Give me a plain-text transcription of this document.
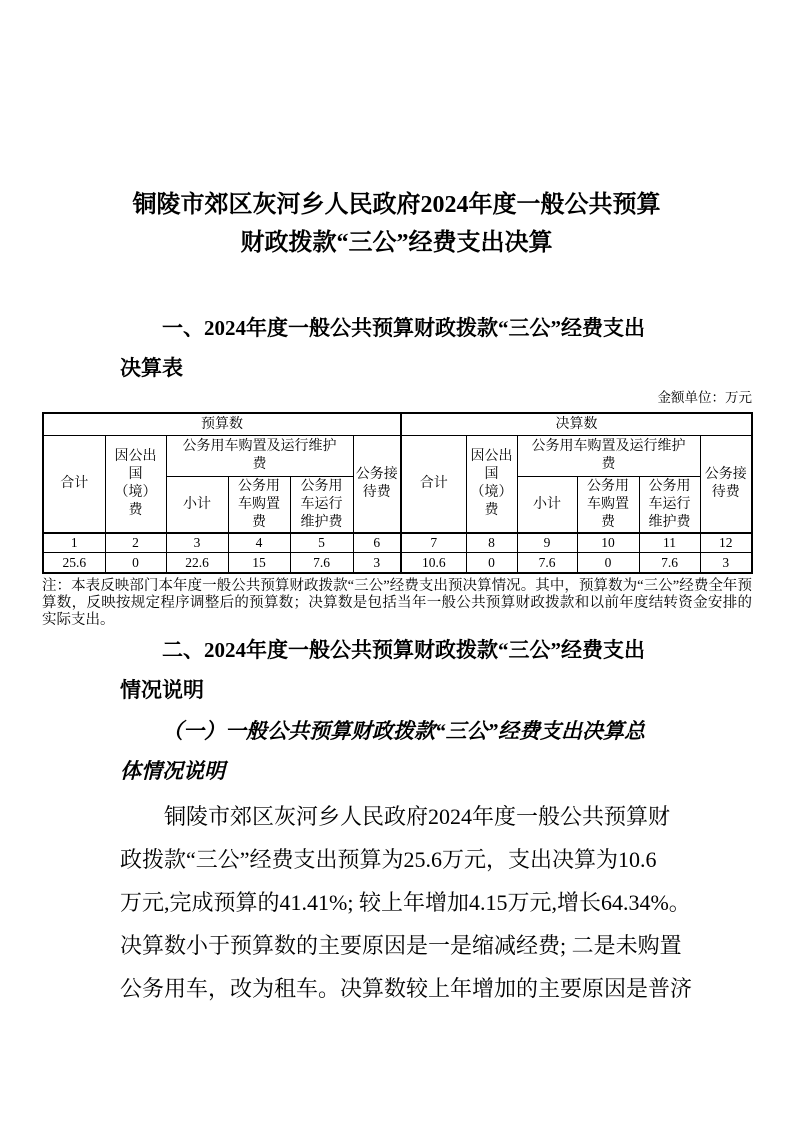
铜陵市郊区灰河乡人民政府2024年度一般公共预算
财政拨款“三公”经费支出决算
一、2024年度一般公共预算财政拨款“三公”经费支出
决算表
金额单位：万元
预算数						决算数					
合计	因公出国（境）费	公务用车购置及运行维护费			公务接待费	合计	因公出国（境）费	公务用车购置及运行维护费			公务接待费

		小计	公务用车购置费	公务用车运行维护费				小计	公务用车购置费	公务用车运行维护费	

1	2	3	4	5	6	7	8	9	10	11	12
25.6	0	22.6	15	7.6	3	10.6	0	7.6	0	7.6	3
注：本表反映部门本年度一般公共预算财政拨款“三公”经费支出预决算情况。其中，预算数为“三公”经费全年预算数，反映按规定程序调整后的预算数；决算数是包括当年一般公共预算财政拨款和以前年度结转资金安排的实际支出。
二、2024年度一般公共预算财政拨款“三公”经费支出
情况说明
（一）一般公共预算财政拨款“三公”经费支出决算总
体情况说明
铜陵市郊区灰河乡人民政府2024年度一般公共预算财
政拨款“三公”经费支出预算为25.6万元，支出决算为10.6
万元,完成预算的41.41%; 较上年增加4.15万元,增长64.34%。
决算数小于预算数的主要原因是一是缩减经费; 二是未购置
公务用车，改为租车。决算数较上年增加的主要原因是普济
